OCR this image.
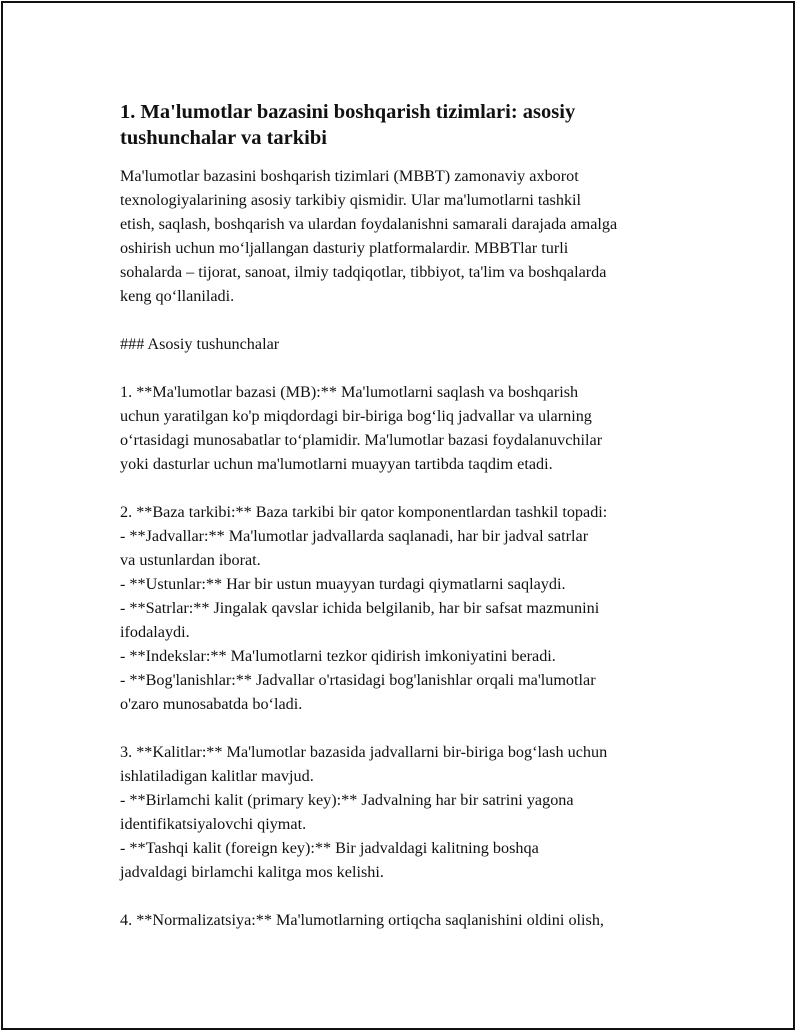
1. Ma'lumotlar bazasini boshqarish tizimlari: asosiy tushunchalar va tarkibi

Ma'lumotlar bazasini boshqarish tizimlari (MBBT) zamonaviy axborot
texnologiyalarining asosiy tarkibiy qismidir. Ular ma'lumotlarni tashkil
etish, saqlash, boshqarish va ulardan foydalanishni samarali darajada amalga
oshirish uchun mo‘ljallangan dasturiy platformalardir. MBBTlar turli
sohalarda – tijorat, sanoat, ilmiy tadqiqotlar, tibbiyot, ta'lim va boshqalarda
keng qo‘llaniladi.

### Asosiy tushunchalar

1. **Ma'lumotlar bazasi (MB):** Ma'lumotlarni saqlash va boshqarish
uchun yaratilgan ko'p miqdordagi bir-biriga bog‘liq jadvallar va ularning
o‘rtasidagi munosabatlar to‘plamidir. Ma'lumotlar bazasi foydalanuvchilar
yoki dasturlar uchun ma'lumotlarni muayyan tartibda taqdim etadi.

2. **Baza tarkibi:** Baza tarkibi bir qator komponentlardan tashkil topadi:
- **Jadvallar:** Ma'lumotlar jadvallarda saqlanadi, har bir jadval satrlar
va ustunlardan iborat.
- **Ustunlar:** Har bir ustun muayyan turdagi qiymatlarni saqlaydi.
- **Satrlar:** Jingalak qavslar ichida belgilanib, har bir safsat mazmunini
ifodalaydi.
- **Indekslar:** Ma'lumotlarni tezkor qidirish imkoniyatini beradi.
- **Bog'lanishlar:** Jadvallar o'rtasidagi bog'lanishlar orqali ma'lumotlar
o'zaro munosabatda bo‘ladi.

3. **Kalitlar:** Ma'lumotlar bazasida jadvallarni bir-biriga bog‘lash uchun
ishlatiladigan kalitlar mavjud.
- **Birlamchi kalit (primary key):** Jadvalning har bir satrini yagona
identifikatsiyalovchi qiymat.
- **Tashqi kalit (foreign key):** Bir jadvaldagi kalitning boshqa
jadvaldagi birlamchi kalitga mos kelishi.

4. **Normalizatsiya:** Ma'lumotlarning ortiqcha saqlanishini oldini olish,
